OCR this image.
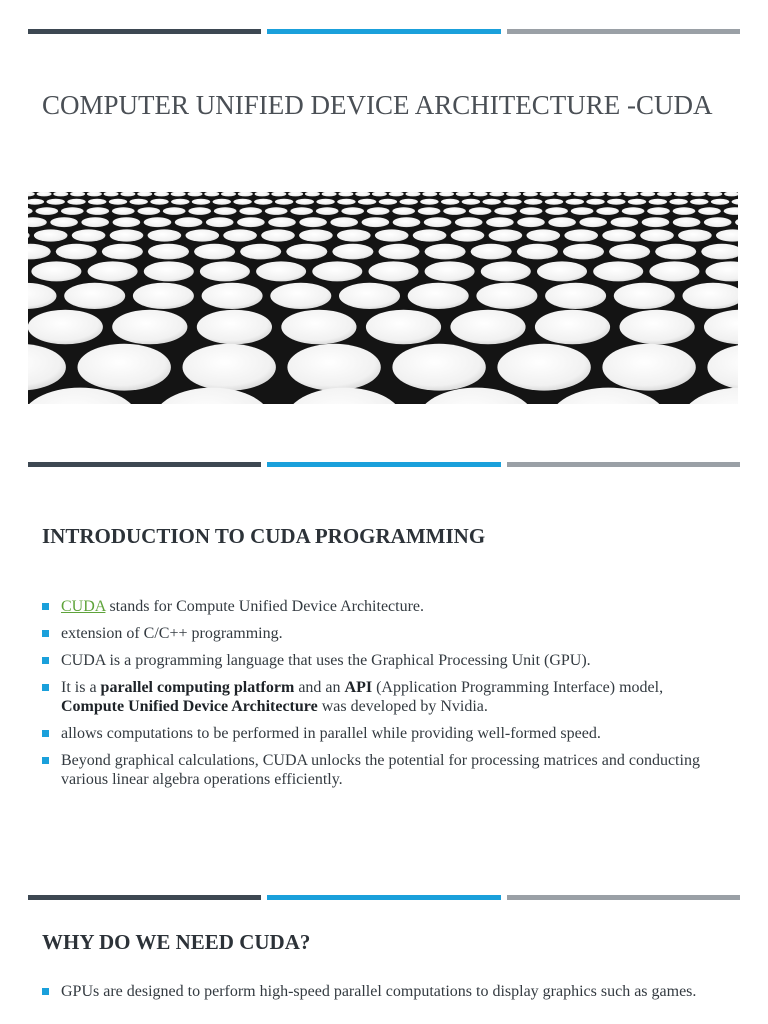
COMPUTER UNIFIED DEVICE ARCHITECTURE -CUDA
INTRODUCTION TO CUDA PROGRAMMING
CUDA stands for Compute Unified Device Architecture.
extension of C/C++ programming.
CUDA is a programming language that uses the Graphical Processing Unit (GPU).
It is a parallel computing platform and an API (Application Programming Interface) model, Compute Unified Device Architecture was developed by Nvidia.
allows computations to be performed in parallel while providing well-formed speed.
Beyond graphical calculations, CUDA unlocks the potential for processing matrices and conducting various linear algebra operations efficiently.
WHY DO WE NEED CUDA?
GPUs are designed to perform high-speed parallel computations to display graphics such as games.
